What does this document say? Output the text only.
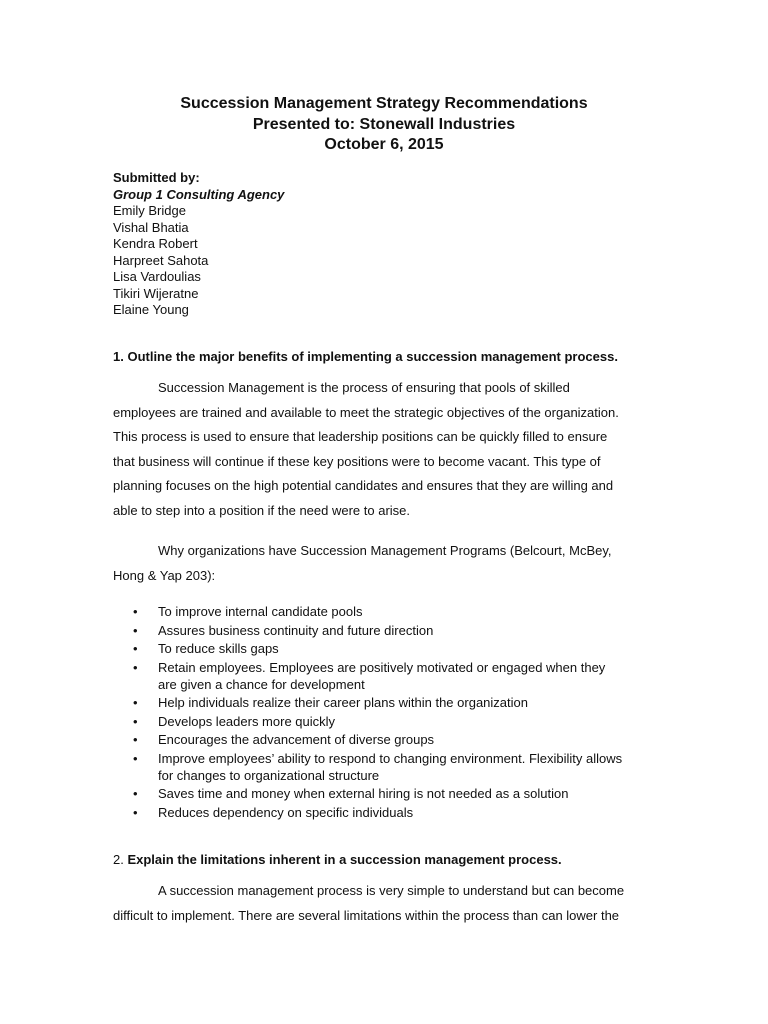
Succession Management Strategy Recommendations
Presented to: Stonewall Industries
October 6, 2015
Submitted by:
Group 1 Consulting Agency
Emily Bridge
Vishal Bhatia
Kendra Robert
Harpreet Sahota
Lisa Vardoulias
Tikiri Wijeratne
Elaine Young
1. Outline the major benefits of implementing a succession management process.
Succession Management is the process of ensuring that pools of skilled
employees are trained and available to meet the strategic objectives of the organization.
This process is used to ensure that leadership positions can be quickly filled to ensure
that business will continue if these key positions were to become vacant. This type of
planning focuses on the high potential candidates and ensures that they are willing and
able to step into a position if the need were to arise.
Why organizations have Succession Management Programs (Belcourt, McBey,
Hong & Yap 203):
• To improve internal candidate pools
• Assures business continuity and future direction
• To reduce skills gaps
• Retain employees. Employees are positively motivated or engaged when they
are given a chance for development
• Help individuals realize their career plans within the organization
• Develops leaders more quickly
• Encourages the advancement of diverse groups
• Improve employees’ ability to respond to changing environment. Flexibility allows
for changes to organizational structure
• Saves time and money when external hiring is not needed as a solution
• Reduces dependency on specific individuals
2. Explain the limitations inherent in a succession management process.
A succession management process is very simple to understand but can become
difficult to implement. There are several limitations within the process than can lower the
